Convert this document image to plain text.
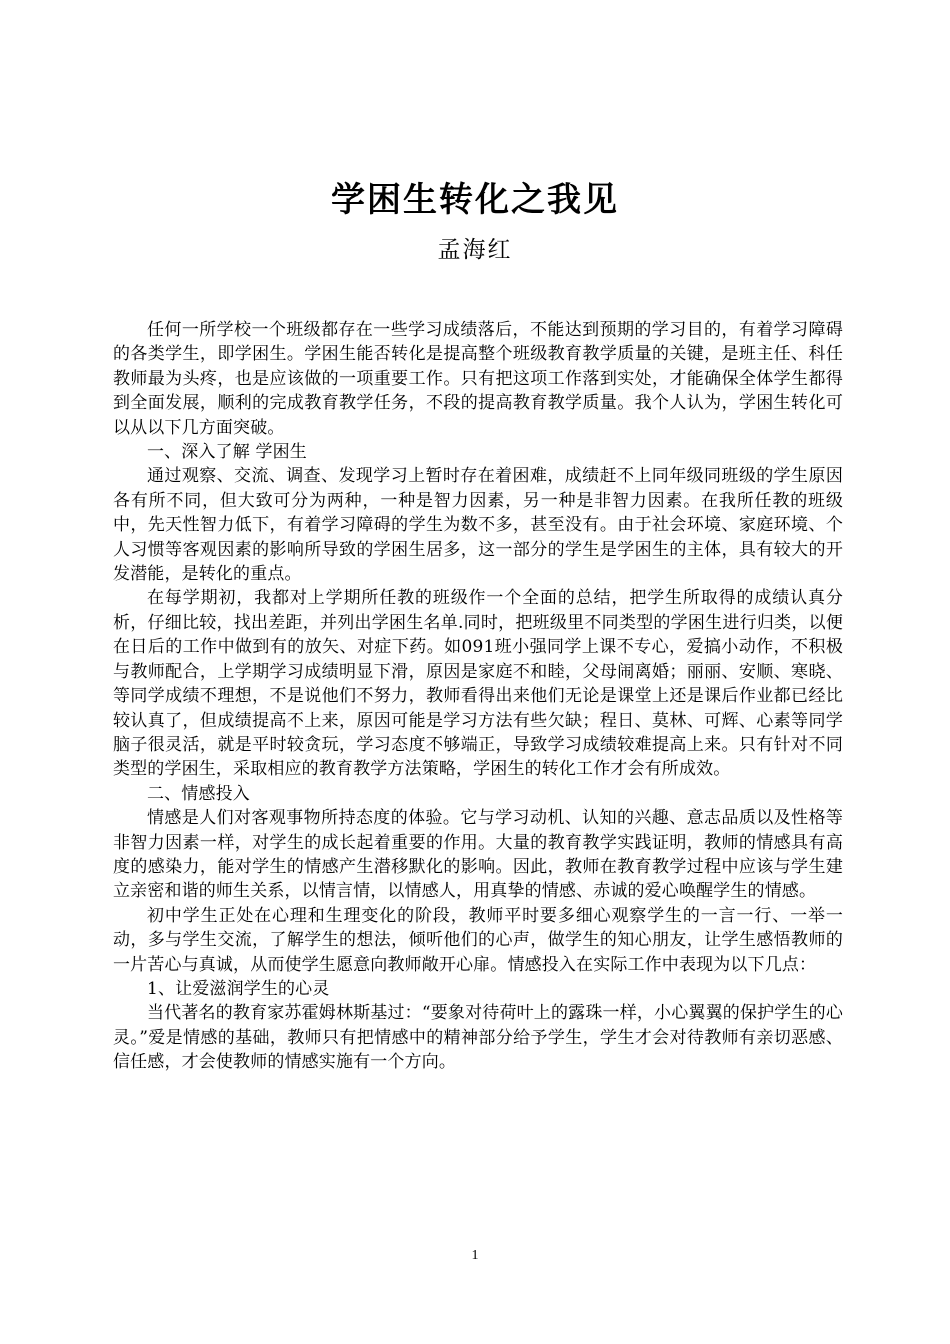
学困生转化之我见
孟海红

任何一所学校一个班级都存在一些学习成绩落后，不能达到预期的学习目的，有着学习障碍的各类学生，即学困生。学困生能否转化是提高整个班级教育教学质量的关键，是班主任、科任教师最为头疼，也是应该做的一项重要工作。只有把这项工作落到实处，才能确保全体学生都得到全面发展，顺利的完成教育教学任务，不段的提高教育教学质量。我个人认为，学困生转化可以从以下几方面突破。

一、深入了解 学困生

通过观察、交流、调查、发现学习上暂时存在着困难，成绩赶不上同年级同班级的学生原因各有所不同，但大致可分为两种，一种是智力因素，另一种是非智力因素。在我所任教的班级中，先天性智力低下，有着学习障碍的学生为数不多，甚至没有。由于社会环境、家庭环境、个人习惯等客观因素的影响所导致的学困生居多，这一部分的学生是学困生的主体，具有较大的开发潜能，是转化的重点。

在每学期初，我都对上学期所任教的班级作一个全面的总结，把学生所取得的成绩认真分析，仔细比较，找出差距，并列出学困生名单.同时，把班级里不同类型的学困生进行归类，以便在日后的工作中做到有的放矢、对症下药。如091班小强同学上课不专心，爱搞小动作，不积极与教师配合，上学期学习成绩明显下滑，原因是家庭不和睦，父母闹离婚；丽丽、安顺、寒晓、等同学成绩不理想，不是说他们不努力，教师看得出来他们无论是课堂上还是课后作业都已经比较认真了，但成绩提高不上来，原因可能是学习方法有些欠缺；程日、莫林、可辉、心素等同学脑子很灵活，就是平时较贪玩，学习态度不够端正，导致学习成绩较难提高上来。只有针对不同类型的学困生，采取相应的教育教学方法策略，学困生的转化工作才会有所成效。

二、情感投入

情感是人们对客观事物所持态度的体验。它与学习动机、认知的兴趣、意志品质以及性格等非智力因素一样，对学生的成长起着重要的作用。大量的教育教学实践证明，教师的情感具有高度的感染力，能对学生的情感产生潜移默化的影响。因此，教师在教育教学过程中应该与学生建立亲密和谐的师生关系，以情言情，以情感人，用真挚的情感、赤诚的爱心唤醒学生的情感。

初中学生正处在心理和生理变化的阶段，教师平时要多细心观察学生的一言一行、一举一动，多与学生交流，了解学生的想法，倾听他们的心声，做学生的知心朋友，让学生感悟教师的一片苦心与真诚，从而使学生愿意向教师敞开心扉。情感投入在实际工作中表现为以下几点：

1、让爱滋润学生的心灵

当代著名的教育家苏霍姆林斯基过：“要象对待荷叶上的露珠一样，小心翼翼的保护学生的心灵。”爱是情感的基础，教师只有把情感中的精神部分给予学生，学生才会对待教师有亲切恶感、信任感，才会使教师的情感实施有一个方向。

1
